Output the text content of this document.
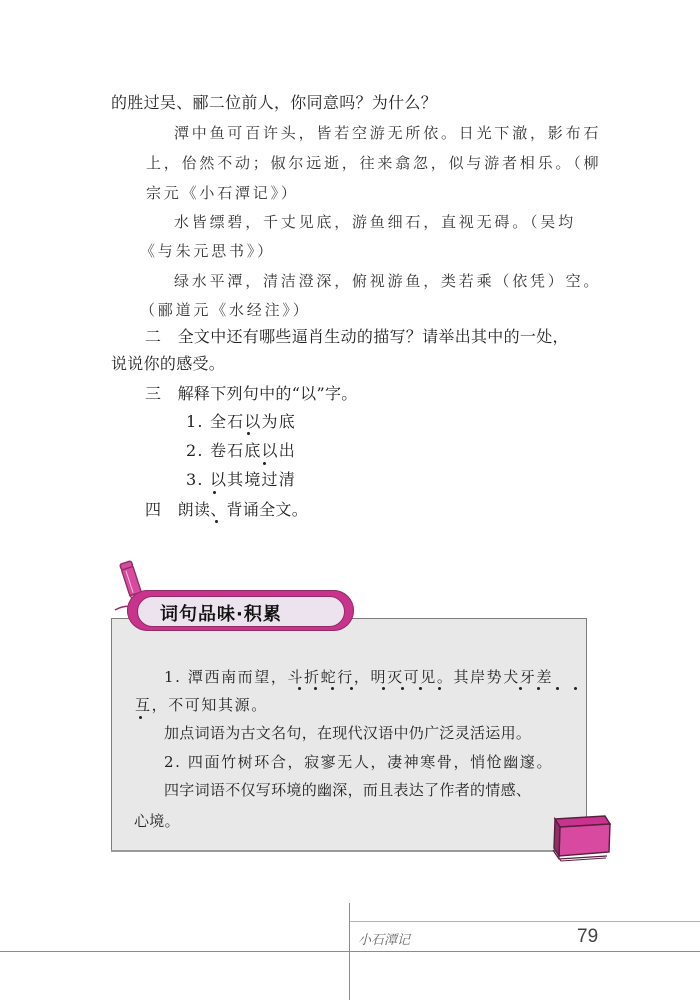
的胜过吴、郦二位前人，你同意吗？为什么？
潭中鱼可百许头，皆若空游无所依。日光下澈，影布石
上，佁然不动；俶尔远逝，往来翕忽，似与游者相乐。（柳
宗元《小石潭记》）
水皆缥碧，千丈见底，游鱼细石，直视无碍。（吴均
《与朱元思书》）
绿水平潭，清洁澄深，俯视游鱼，类若乘（依凭）空。
（郦道元《水经注》）
二　全文中还有哪些逼肖生动的描写？请举出其中的一处，
说说你的感受。
三　解释下列句中的“以”字。
1. 全石以为底
2. 卷石底以出
3. 以其境过清
四　朗读、背诵全文。
词句品味·积累
1. 潭西南而望，斗折蛇行，明灭可见。其岸势犬牙差
互，不可知其源。
加点词语为古文名句，在现代汉语中仍广泛灵活运用。
2. 四面竹树环合，寂寥无人，凄神寒骨，悄怆幽邃。
四字词语不仅写环境的幽深，而且表达了作者的情感、
心境。
小石潭记	79
